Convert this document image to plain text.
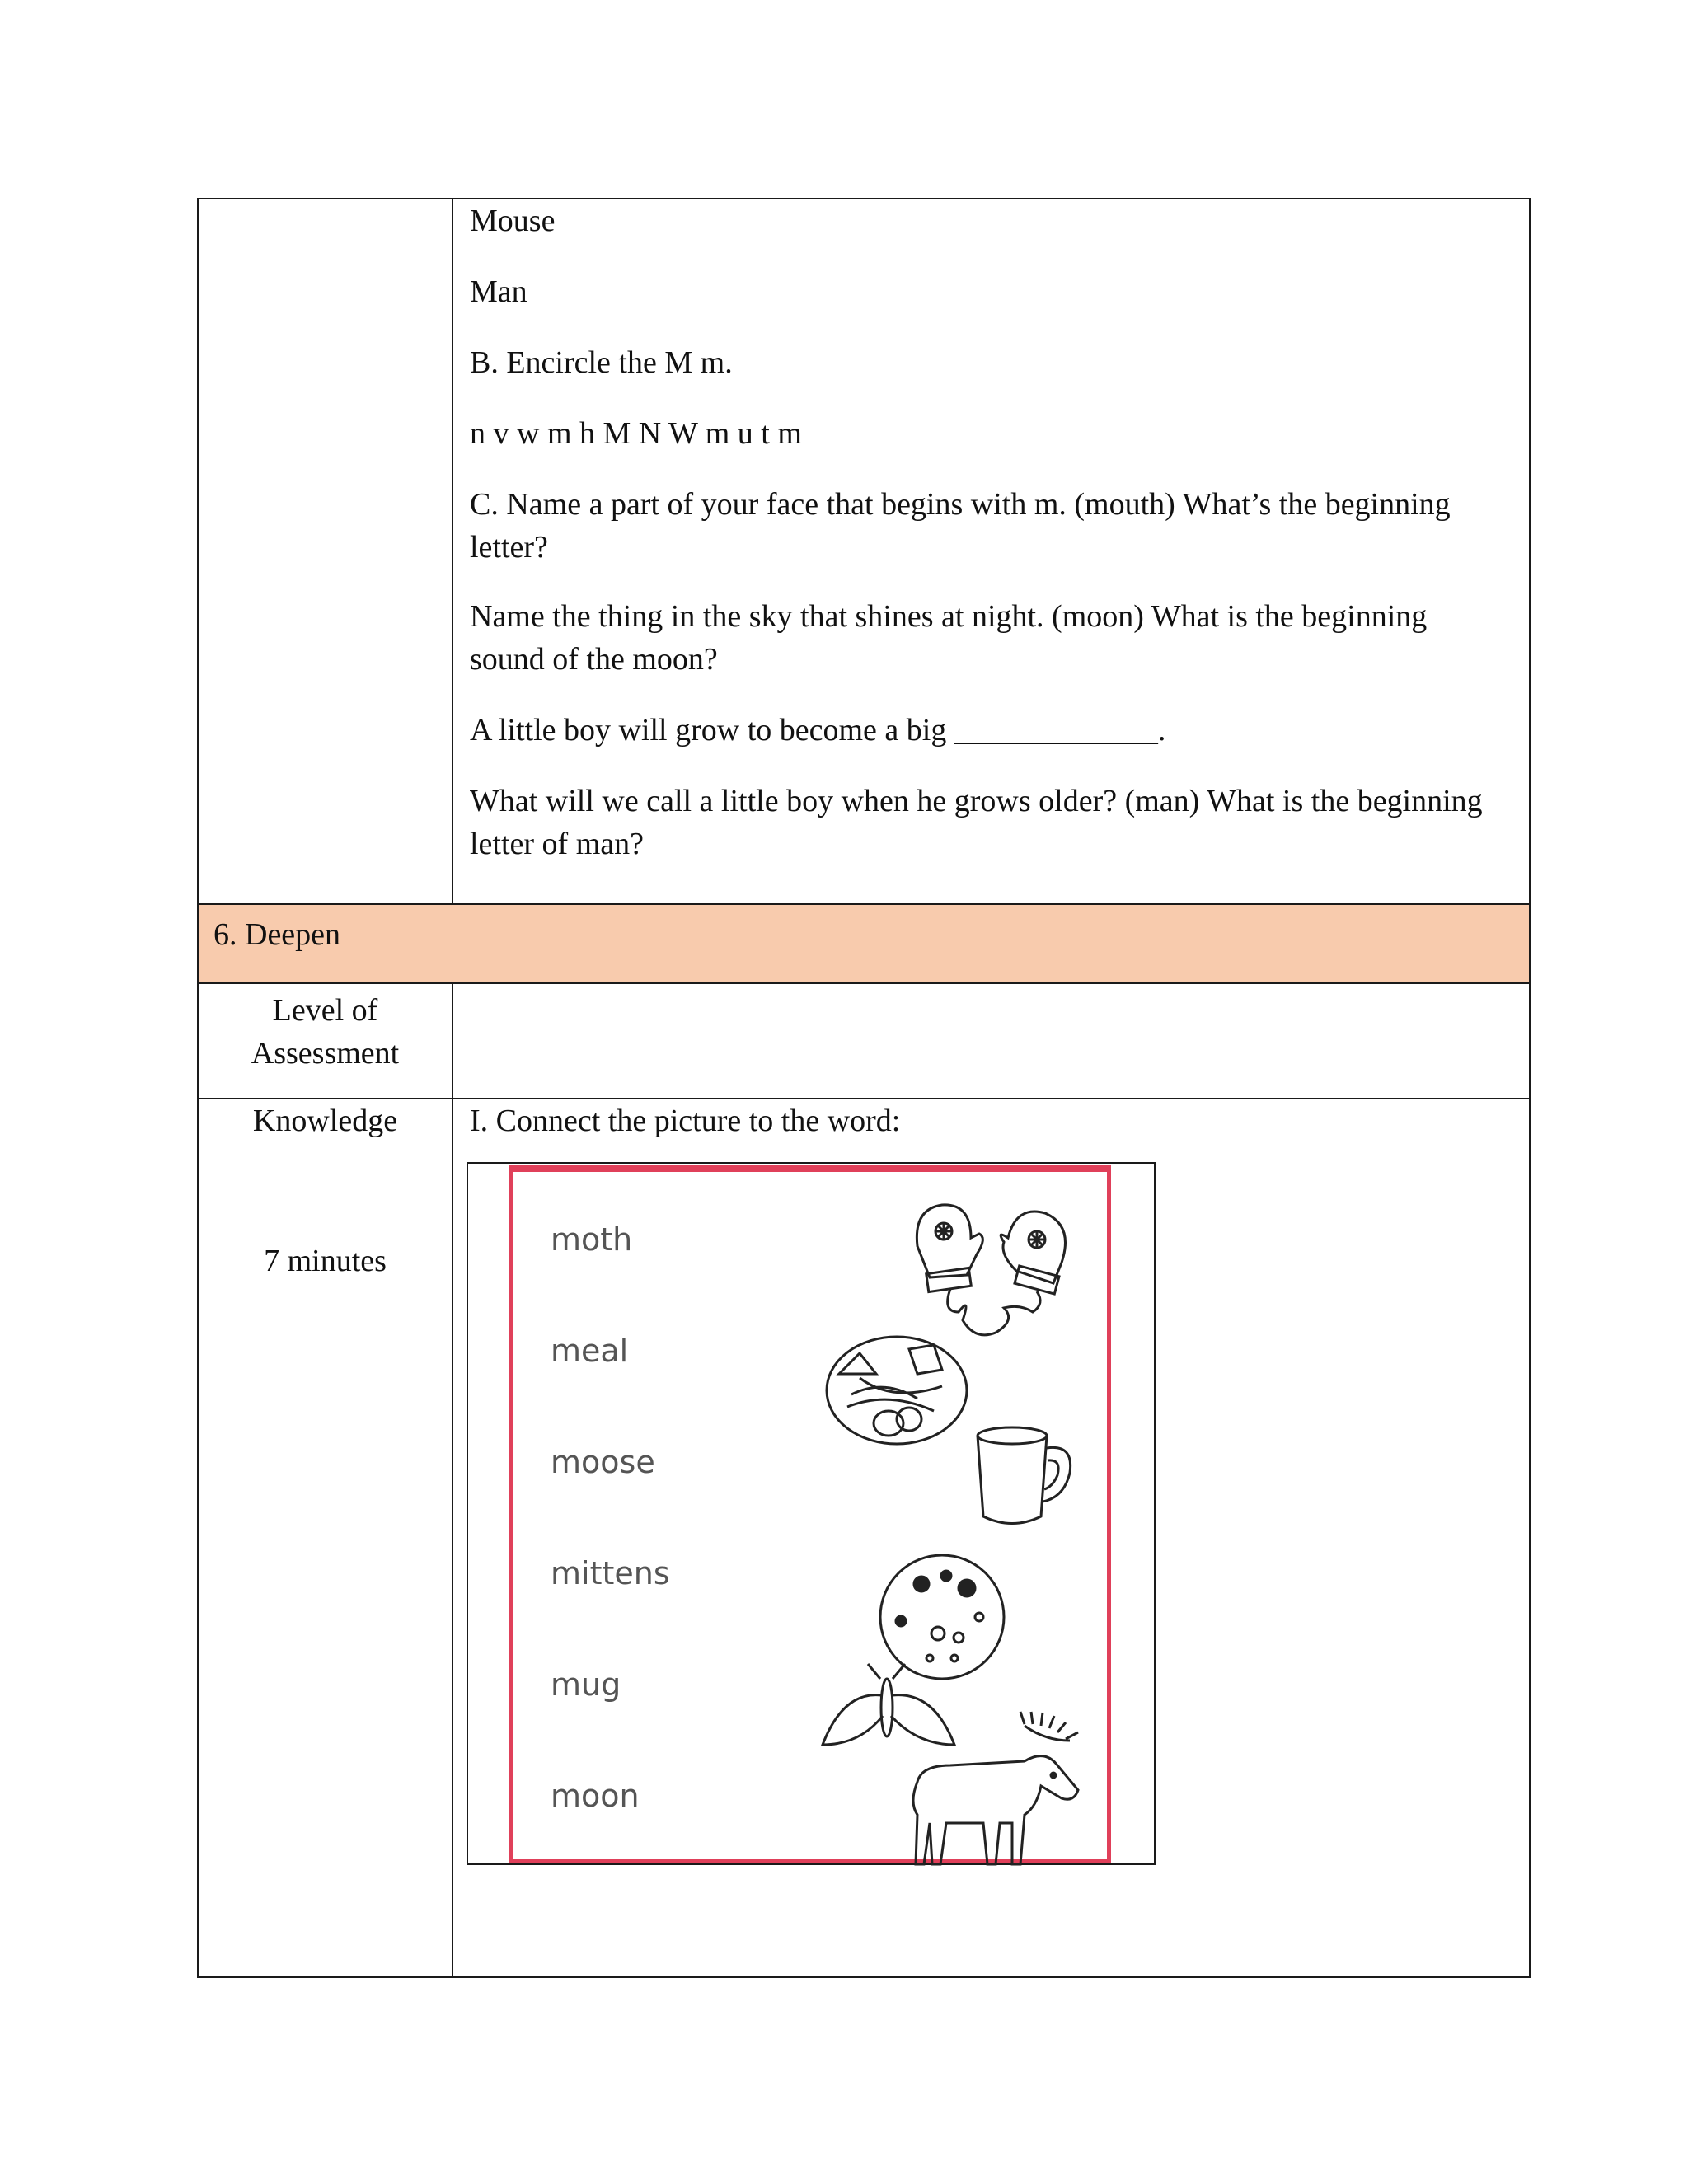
Mouse

Man

B. Encircle the M m.

n v w m h M N W m u t m

C. Name a part of your face that begins with m. (mouth) What’s the beginning letter?

Name the thing in the sky that shines at night. (moon) What is the beginning sound of the moon?

A little boy will grow to become a big _____________.

What will we call a little boy when he grows older? (man) What is the beginning letter of man?

6. Deepen
Level of
Assessment
Knowledge
7 minutes

I. Connect the picture to the word:

moth
meal
moose
mittens
mug
moon
